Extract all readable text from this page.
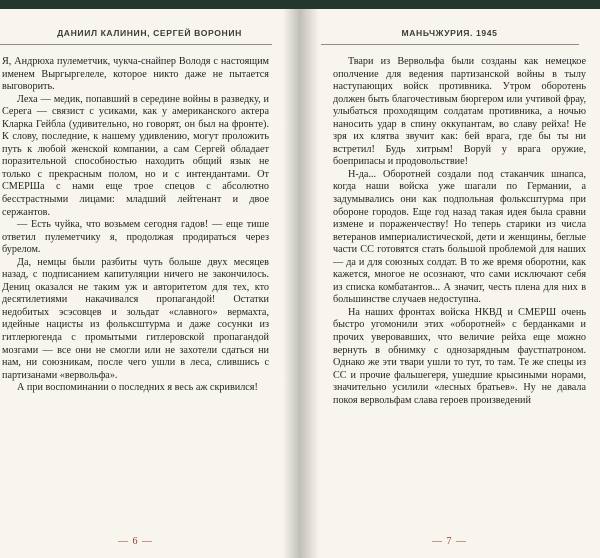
ДАНИИЛ КАЛИНИН, СЕРГЕЙ ВОРОНИН

Я, Андрюха пулеметчик, чукча-снайпер Володя с настоящим именем Выргыргелеле, которое никто даже не пытается выговорить.

Леха — медик, попавший в середине войны в разведку, и Серега — связист с усиками, как у американского актера Кларка Гейбла (удивительно, но говорят, он был на фронте). К слову, последние, к нашему удивлению, могут проложить путь к любой женской компании, а сам Сергей обладает поразительной способностью находить общий язык не только с прекрасным полом, но и с интендантами. От СМЕРШа с нами еще трое спецов с абсолютно бесстрастными лицами: младший лейтенант и двое сержантов.

— Есть чуйка, что возьмем сегодня гадов! — еще тише ответил пулеметчику я, продолжая продираться через бурелом.

Да, немцы были разбиты чуть больше двух месяцев назад, с подписанием капитуляции ничего не закончилось. Дениц оказался не таким уж и авторитетом для тех, кто десятилетиями накачивался пропагандой! Остатки недобитых эсэсовцев и зольдат «славного» вермахта, идейные нацисты из фольксштурма и даже сосунки из гитлерюгенда с промытыми гитлеровской пропагандой мозгами — все они не смогли или не захотели сдаться ни нам, ни союзникам, после чего ушли в леса, слившись с партизанами «вервольфа».

А при воспоминании о последних я весь аж скривился!

— 6 —
МАНЬЧЖУРИЯ. 1945

Твари из Вервольфа были созданы как немецкое ополчение для ведения партизанской войны в тылу наступающих войск противника. Утром оборотень должен быть благочестивым бюргером или учтивой фрау, улыбаться проходящим солдатам противника, а ночью наносить удар в спину оккупантам, во славу рейха! Не зря их клятва звучит как: бей врага, где бы ты ни встретил! Будь хитрым! Воруй у врага оружие, боеприпасы и продовольствие!

Н-да... Оборотней создали под стаканчик шнапса, когда наши войска уже шагали по Германии, а задумывались они как подпольная фольксштурма при обороне городов. Еще год назад такая идея была сравни измене и пораженчеству! Но теперь старики из числа ветеранов империалистической, дети и женщины, беглые части СС готовятся стать большой проблемой для наших — да и для союзных солдат. В то же время оборотни, как кажется, многое не осознают, что сами исключают себя из списка комбатантов... А значит, честь плена для них в большинстве случаев недоступна.

На наших фронтах войска НКВД и СМЕРШ очень быстро угомонили этих «оборотней» с берданками и прочих уверовавших, что величие рейха еще можно вернуть в обнимку с однозарядным фаустпатроном. Однако же эти твари ушли то тут, то там. Те же спецы из СС и прочие фальшегеря, ушедшие крысиными норами, значительно усилили «лесных братьев». Ну не давала покоя вервольфам слава героев произведений

— 7 —
